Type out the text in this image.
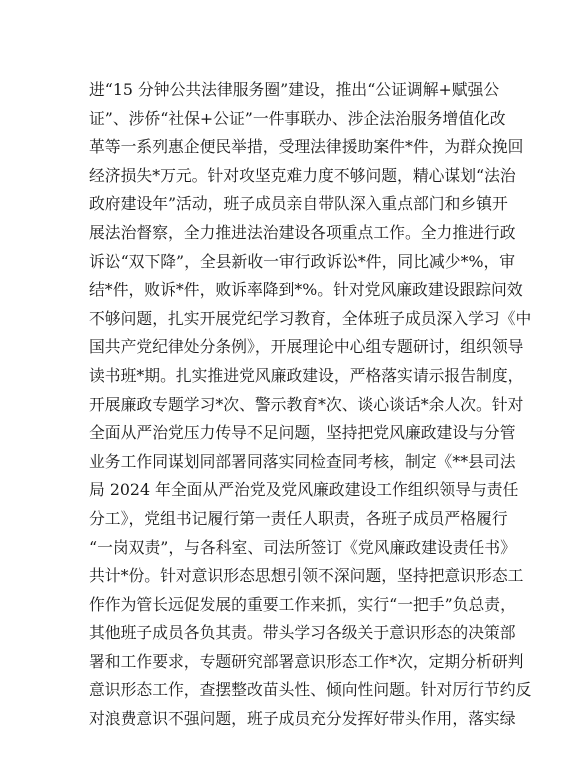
进“15 分钟公共法律服务圈”建设，推出“公证调解+赋强公
证”、涉侨“社保+公证”一件事联办、涉企法治服务增值化改
革等一系列惠企便民举措，受理法律援助案件*件，为群众挽回
经济损失*万元。针对攻坚克难力度不够问题，精心谋划“法治
政府建设年”活动，班子成员亲自带队深入重点部门和乡镇开
展法治督察，全力推进法治建设各项重点工作。全力推进行政
诉讼“双下降”，全县新收一审行政诉讼*件，同比减少*%，审
结*件，败诉*件，败诉率降到*%。针对党风廉政建设跟踪问效
不够问题，扎实开展党纪学习教育，全体班子成员深入学习《中
国共产党纪律处分条例》，开展理论中心组专题研讨，组织领导
读书班*期。扎实推进党风廉政建设，严格落实请示报告制度，
开展廉政专题学习*次、警示教育*次、谈心谈话*余人次。针对
全面从严治党压力传导不足问题，坚持把党风廉政建设与分管
业务工作同谋划同部署同落实同检查同考核，制定《**县司法
局 2024 年全面从严治党及党风廉政建设工作组织领导与责任
分工》，党组书记履行第一责任人职责，各班子成员严格履行
“一岗双责”，与各科室、司法所签订《党风廉政建设责任书》
共计*份。针对意识形态思想引领不深问题，坚持把意识形态工
作作为管长远促发展的重要工作来抓，实行“一把手”负总责，
其他班子成员各负其责。带头学习各级关于意识形态的决策部
署和工作要求，专题研究部署意识形态工作*次，定期分析研判
意识形态工作，查摆整改苗头性、倾向性问题。针对厉行节约反
对浪费意识不强问题，班子成员充分发挥好带头作用，落实绿
